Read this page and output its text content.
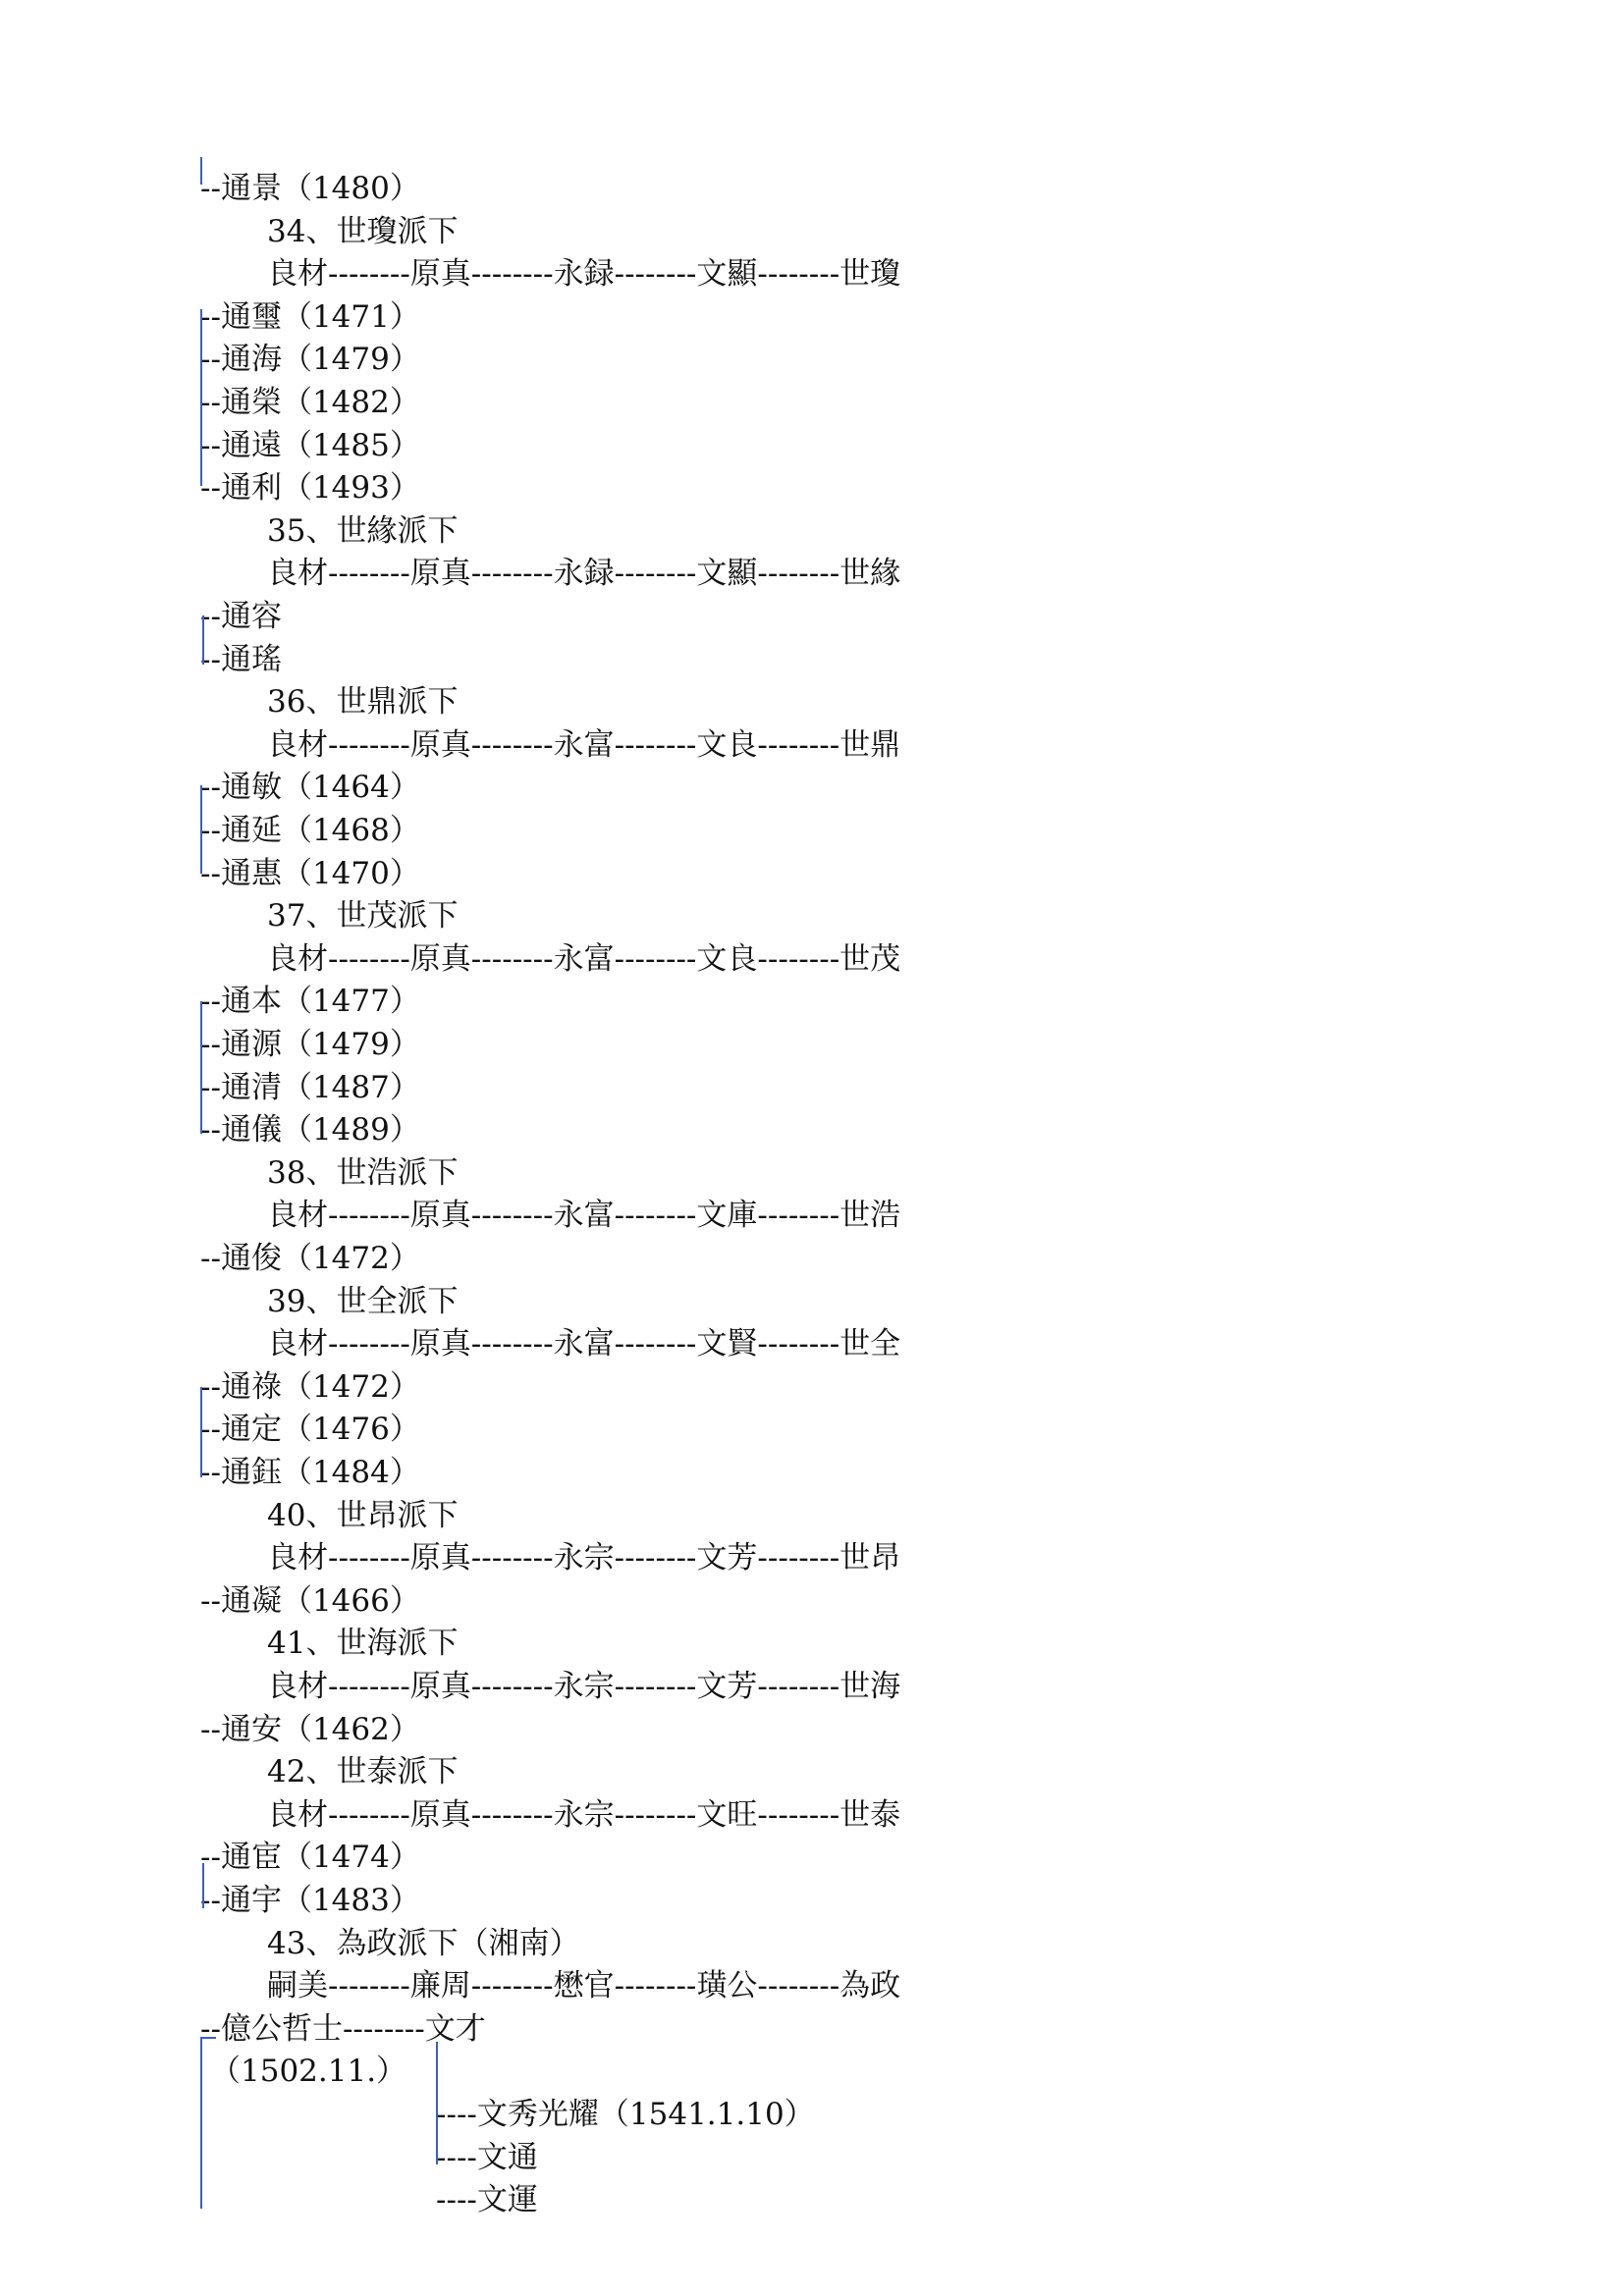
--通景（1480）
34、世瓊派下
良材--------原真--------永録--------文顯--------世瓊
--通璽（1471）
--通海（1479）
--通榮（1482）
--通遠（1485）
--通利（1493）
35、世緣派下
良材--------原真--------永録--------文顯--------世緣
--通容
--通瑤
36、世鼎派下
良材--------原真--------永富--------文良--------世鼎
--通敏（1464）
--通延（1468）
--通惠（1470）
37、世茂派下
良材--------原真--------永富--------文良--------世茂
--通本（1477）
--通源（1479）
--通清（1487）
--通儀（1489）
38、世浩派下
良材--------原真--------永富--------文庫--------世浩
--通俊（1472）
39、世全派下
良材--------原真--------永富--------文賢--------世全
--通祿（1472）
--通定（1476）
--通鈺（1484）
40、世昂派下
良材--------原真--------永宗--------文芳--------世昂
--通凝（1466）
41、世海派下
良材--------原真--------永宗--------文芳--------世海
--通安（1462）
42、世泰派下
良材--------原真--------永宗--------文旺--------世泰
--通宦（1474）
--通宇（1483）
43、為政派下（湘南）
嗣美--------廉周--------懋官--------璜公--------為政
--億公哲士--------文才
（1502.11.）
----文秀光耀（1541.1.10）
----文通
----文運
